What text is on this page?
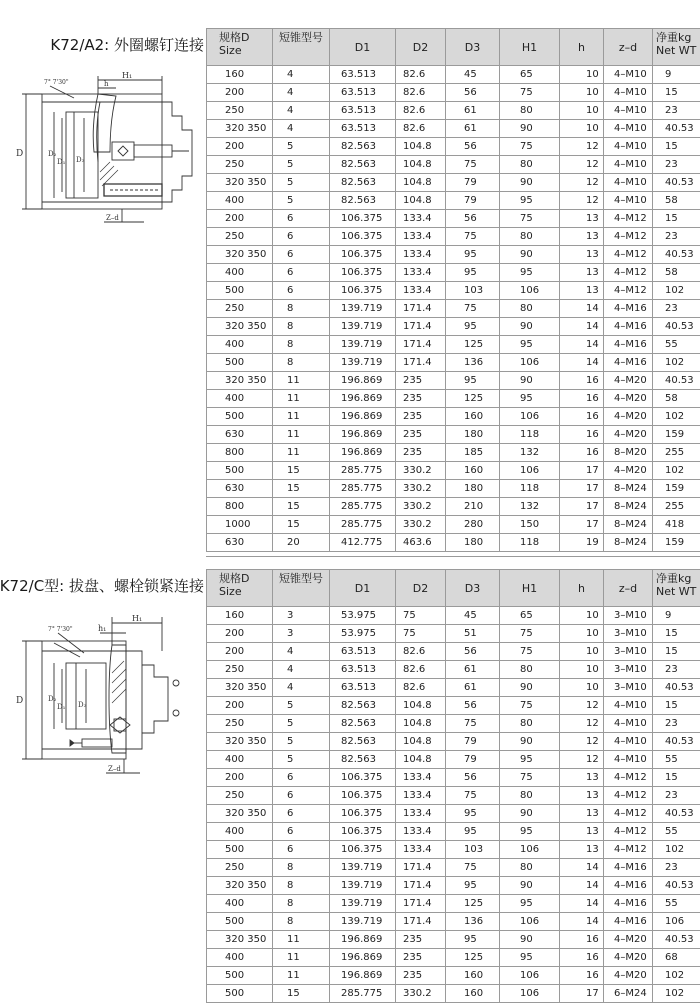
K72/A2: 外圈螺钉连接
7° 7'30"
H₁
h
D	D₂
D₁ D₃
Z–d
规格D
Size	短锥型号	D1	D2	D3	H1	h	z–d	净重kg
Net WT
160	4	63.513	82.6	45	65	10	4–M10	9
200	4	63.513	82.6	56	75	10	4–M10	15
250	4	63.513	82.6	61	80	10	4–M10	23
320 350	4	63.513	82.6	61	90	10	4–M10	40.53
200	5	82.563	104.8	56	75	12	4–M10	15
250	5	82.563	104.8	75	80	12	4–M10	23
320 350	5	82.563	104.8	79	90	12	4–M10	40.53
400	5	82.563	104.8	79	95	12	4–M10	58
200	6	106.375	133.4	56	75	13	4–M12	15
250	6	106.375	133.4	75	80	13	4–M12	23
320 350	6	106.375	133.4	95	90	13	4–M12	40.53
400	6	106.375	133.4	95	95	13	4–M12	58
500	6	106.375	133.4	103	106	13	4–M12	102
250	8	139.719	171.4	75	80	14	4–M16	23
320 350	8	139.719	171.4	95	90	14	4–M16	40.53
400	8	139.719	171.4	125	95	14	4–M16	55
500	8	139.719	171.4	136	106	14	4–M16	102
320 350	11	196.869	235	95	90	16	4–M20	40.53
400	11	196.869	235	125	95	16	4–M20	58
500	11	196.869	235	160	106	16	4–M20	102
630	11	196.869	235	180	118	16	4–M20	159
800	11	196.869	235	185	132	16	8–M20	255
500	15	285.775	330.2	160	106	17	4–M20	102
630	15	285.775	330.2	180	118	17	8–M24	159
800	15	285.775	330.2	210	132	17	8–M24	255
1000	15	285.775	330.2	280	150	17	8–M24	418
630	20	412.775	463.6	180	118	19	8–M24	159
K72/C型: 拔盘、螺栓锁紧连接
7° 7'30"
H₁
h₁
D	D₂
D₁ D₃
Z–d
规格D
Size	短锥型号	D1	D2	D3	H1	h	z–d	净重kg
Net WT
160	3	53.975	75	45	65	10	3–M10	9
200	3	53.975	75	51	75	10	3–M10	15
200	4	63.513	82.6	56	75	10	3–M10	15
250	4	63.513	82.6	61	80	10	3–M10	23
320 350	4	63.513	82.6	61	90	10	3–M10	40.53
200	5	82.563	104.8	56	75	12	4–M10	15
250	5	82.563	104.8	75	80	12	4–M10	23
320 350	5	82.563	104.8	79	90	12	4–M10	40.53
400	5	82.563	104.8	79	95	12	4–M10	55
200	6	106.375	133.4	56	75	13	4–M12	15
250	6	106.375	133.4	75	80	13	4–M12	23
320 350	6	106.375	133.4	95	90	13	4–M12	40.53
400	6	106.375	133.4	95	95	13	4–M12	55
500	6	106.375	133.4	103	106	13	4–M12	102
250	8	139.719	171.4	75	80	14	4–M16	23
320 350	8	139.719	171.4	95	90	14	4–M16	40.53
400	8	139.719	171.4	125	95	14	4–M16	55
500	8	139.719	171.4	136	106	14	4–M16	106
320 350	11	196.869	235	95	90	16	4–M20	40.53
400	11	196.869	235	125	95	16	4–M20	68
500	11	196.869	235	160	106	16	4–M20	102
500	15	285.775	330.2	160	106	17	6–M24	102
